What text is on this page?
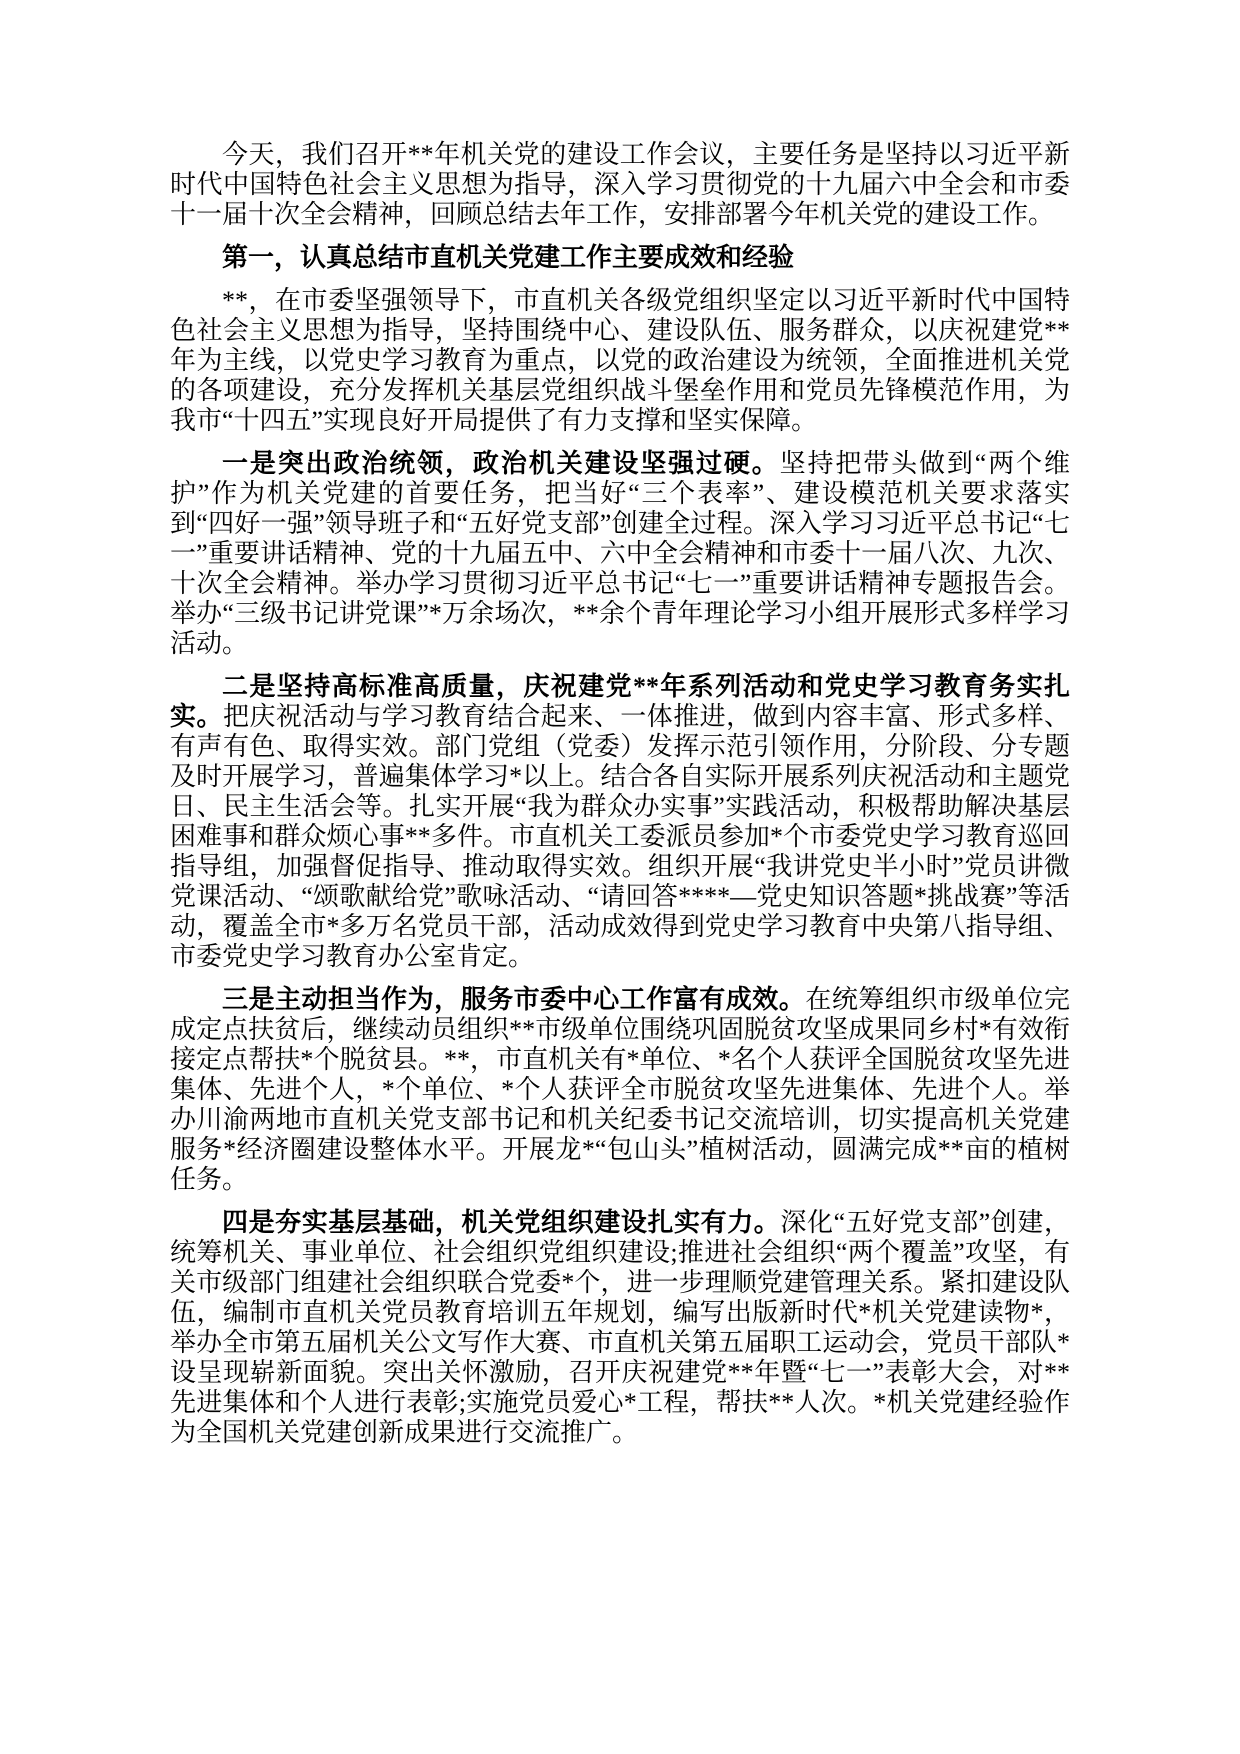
今天，我们召开**年机关党的建设工作会议，主要任务是坚持以习近平新时代中国特色社会主义思想为指导，深入学习贯彻党的十九届六中全会和市委十一届十次全会精神，回顾总结去年工作，安排部署今年机关党的建设工作。

第一，认真总结市直机关党建工作主要成效和经验

**，在市委坚强领导下，市直机关各级党组织坚定以习近平新时代中国特色社会主义思想为指导，坚持围绕中心、建设队伍、服务群众，以庆祝建党**年为主线，以党史学习教育为重点，以党的政治建设为统领，全面推进机关党的各项建设，充分发挥机关基层党组织战斗堡垒作用和党员先锋模范作用，为我市“十四五”实现良好开局提供了有力支撑和坚实保障。

一是突出政治统领，政治机关建设坚强过硬。坚持把带头做到“两个维护”作为机关党建的首要任务，把当好“三个表率”、建设模范机关要求落实到“四好一强”领导班子和“五好党支部”创建全过程。深入学习习近平总书记“七一”重要讲话精神、党的十九届五中、六中全会精神和市委十一届八次、九次、十次全会精神。举办学习贯彻习近平总书记“七一”重要讲话精神专题报告会。举办“三级书记讲党课”*万余场次，**余个青年理论学习小组开展形式多样学习活动。

二是坚持高标准高质量，庆祝建党**年系列活动和党史学习教育务实扎实。把庆祝活动与学习教育结合起来、一体推进，做到内容丰富、形式多样、有声有色、取得实效。部门党组（党委）发挥示范引领作用，分阶段、分专题及时开展学习，普遍集体学习*以上。结合各自实际开展系列庆祝活动和主题党日、民主生活会等。扎实开展“我为群众办实事”实践活动，积极帮助解决基层困难事和群众烦心事**多件。市直机关工委派员参加*个市委党史学习教育巡回指导组，加强督促指导、推动取得实效。组织开展“我讲党史半小时”党员讲微党课活动、“颂歌献给党”歌咏活动、“请回答****—党史知识答题*挑战赛”等活动，覆盖全市*多万名党员干部，活动成效得到党史学习教育中央第八指导组、市委党史学习教育办公室肯定。

三是主动担当作为，服务市委中心工作富有成效。在统筹组织市级单位完成定点扶贫后，继续动员组织**市级单位围绕巩固脱贫攻坚成果同乡村*有效衔接定点帮扶*个脱贫县。**，市直机关有*单位、*名个人获评全国脱贫攻坚先进集体、先进个人，*个单位、*个人获评全市脱贫攻坚先进集体、先进个人。举办川渝两地市直机关党支部书记和机关纪委书记交流培训，切实提高机关党建服务*经济圈建设整体水平。开展龙*“包山头”植树活动，圆满完成**亩的植树任务。

四是夯实基层基础，机关党组织建设扎实有力。深化“五好党支部”创建，统筹机关、事业单位、社会组织党组织建设;推进社会组织“两个覆盖”攻坚，有关市级部门组建社会组织联合党委*个，进一步理顺党建管理关系。紧扣建设队伍，编制市直机关党员教育培训五年规划，编写出版新时代*机关党建读物*，举办全市第五届机关公文写作大赛、市直机关第五届职工运动会，党员干部队*设呈现崭新面貌。突出关怀激励，召开庆祝建党**年暨“七一”表彰大会，对**先进集体和个人进行表彰;实施党员爱心*工程，帮扶**人次。*机关党建经验作为全国机关党建创新成果进行交流推广。
